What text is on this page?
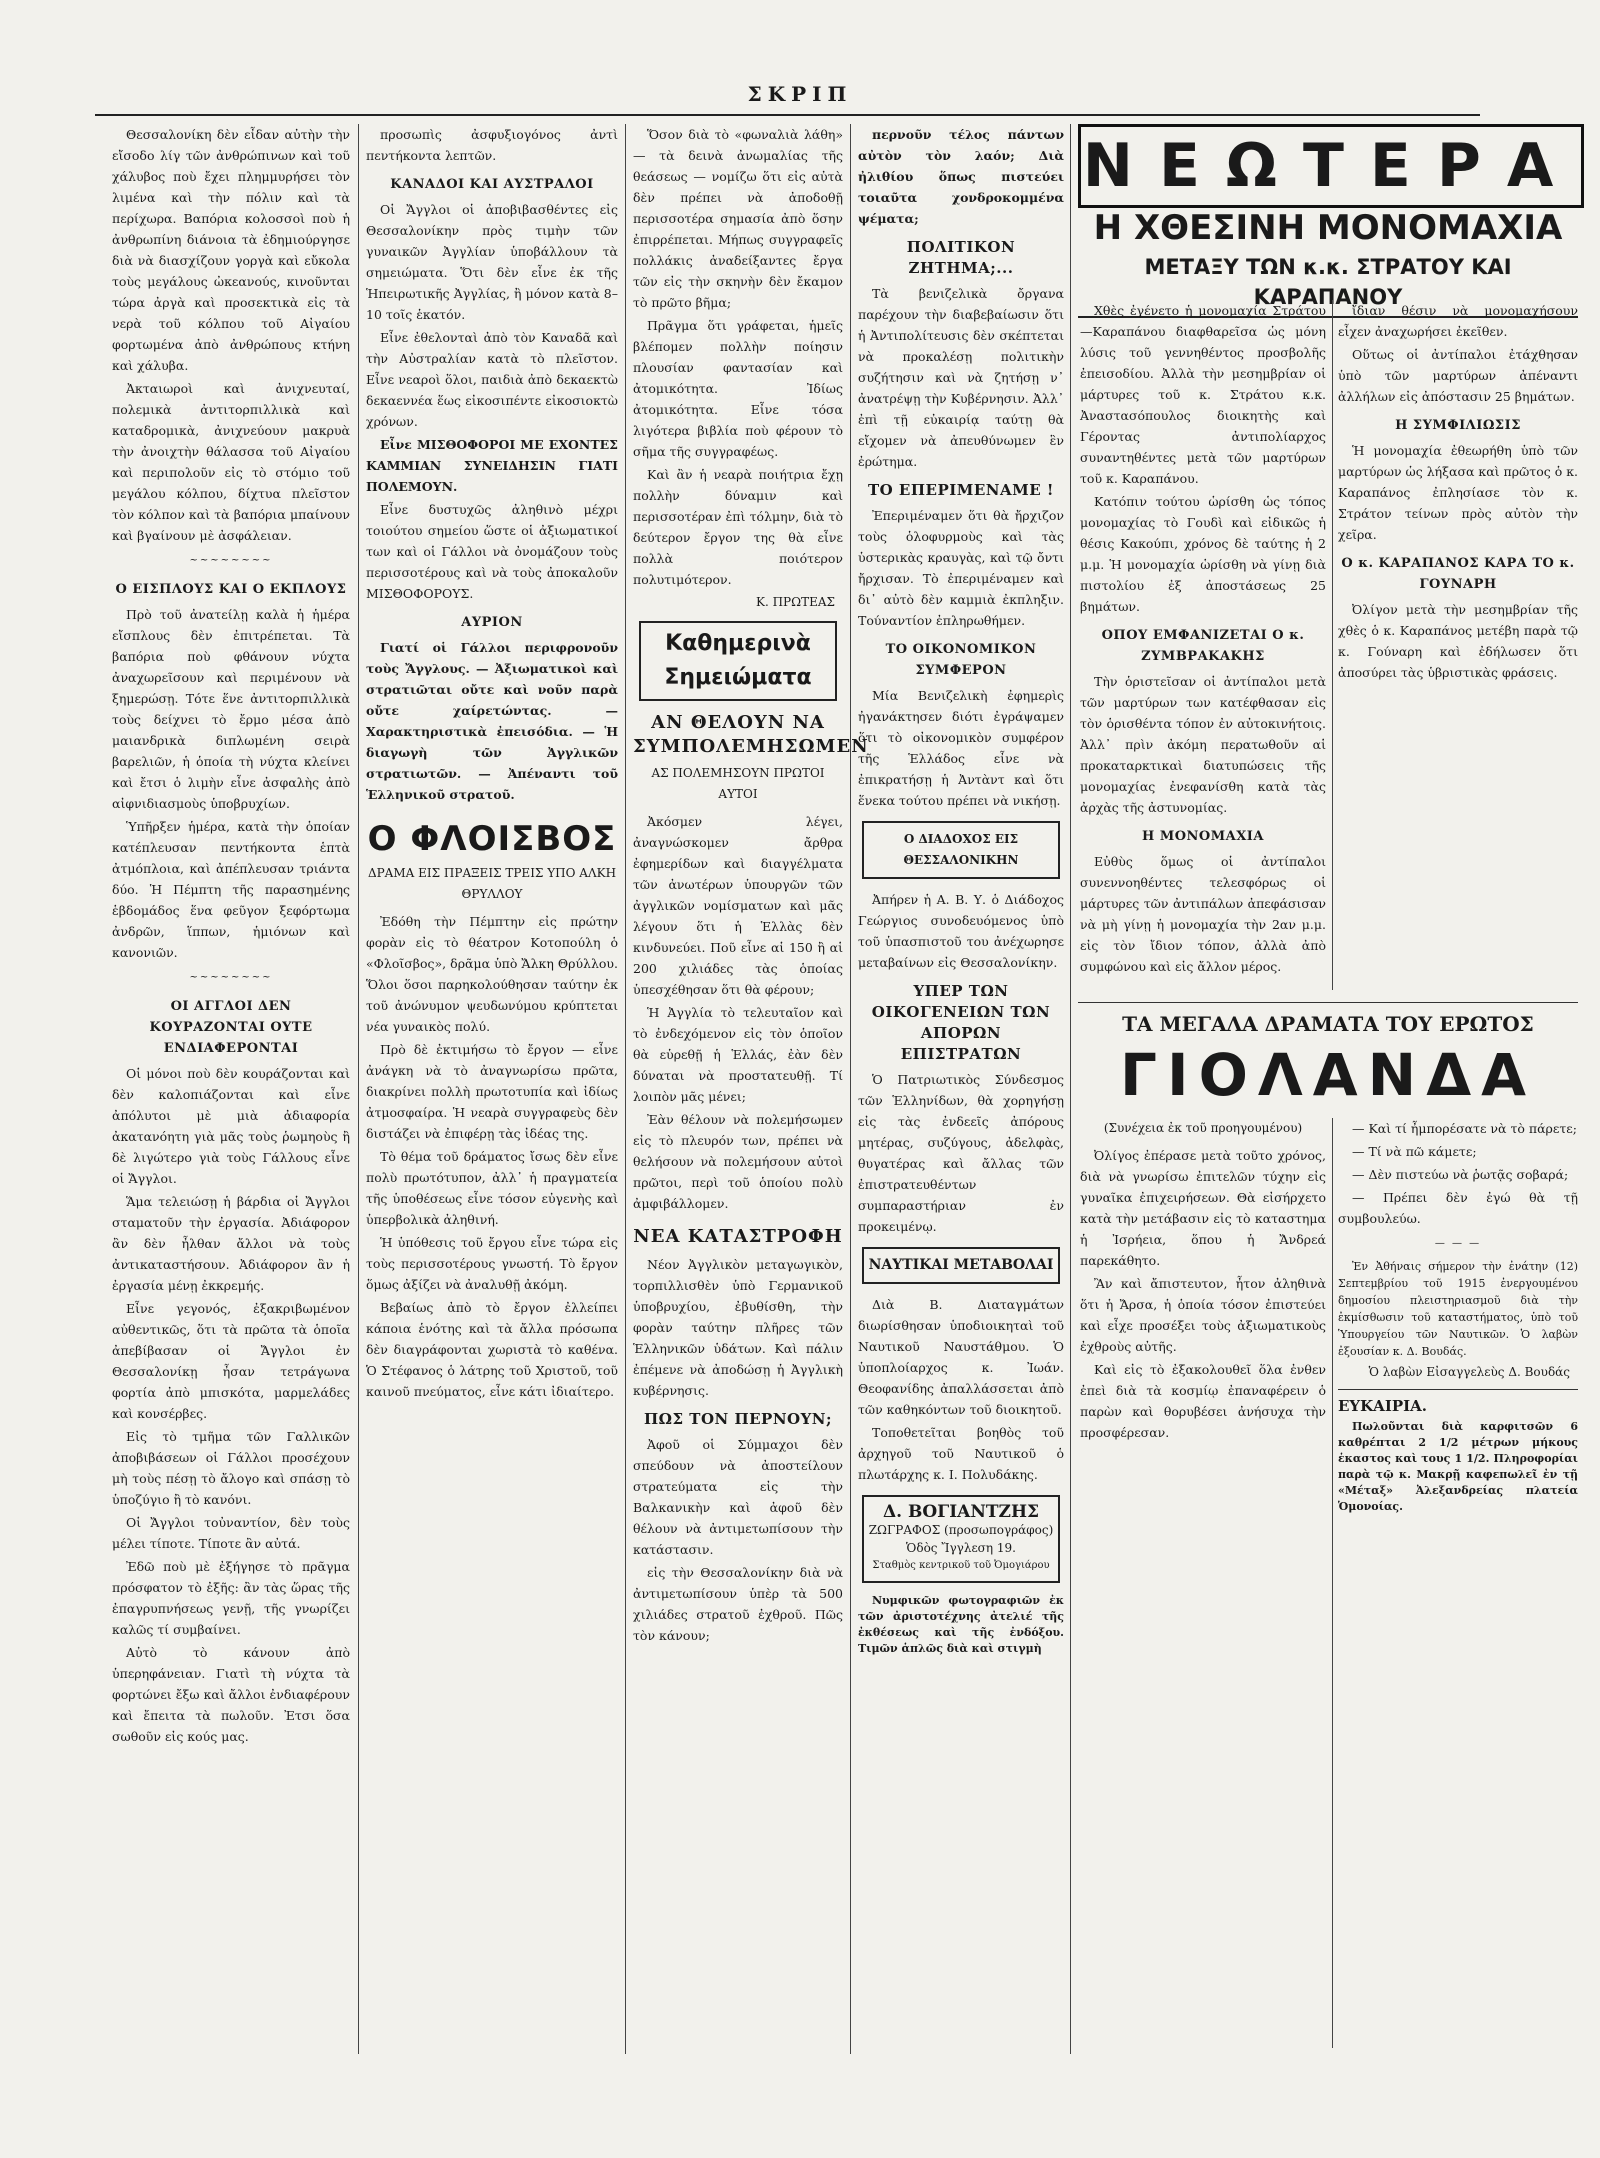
ΣΚΡΙΠ

Θεσσαλονίκη δὲν εἶδαν αὐτὴν τὴν εἴσοδο λίγ τῶν ἀνθρώπινων καὶ τοῦ χάλυβος ποὺ ἔχει πλημμυρήσει τὸν λιμένα καὶ τὴν πόλιν καὶ τὰ περίχωρα. Βαπόρια κολοσσοὶ ποὺ ἡ ἀνθρωπίνη διάνοια τὰ ἐδημιούργησε διὰ νὰ διασχίζουν γοργὰ καὶ εὔκολα τοὺς μεγάλους ὠκεανούς, κινοῦνται τώρα ἀργὰ καὶ προσεκτικὰ εἰς τὰ νερὰ τοῦ κόλπου τοῦ Αἰγαίου φορτωμένα ἀπὸ ἀνθρώπους κτήνη καὶ χάλυβα.

Ἀκταιωροὶ καὶ ἀνιχνευταί, πολεμικὰ ἀντιτορπιλλικὰ καὶ καταδρομικὰ, ἀνιχνεύουν μακρυὰ τὴν ἀνοιχτὴν θάλασσα τοῦ Αἰγαίου καὶ περιπολοῦν εἰς τὸ στόμιο τοῦ μεγάλου κόλπου, δίχτυα πλεῖστον τὸν κόλπον καὶ τὰ βαπόρια μπαίνουν καὶ βγαίνουν μὲ ἀσφάλειαν.

~~~~~~~~

Ο ΕΙΣΠΛΟΥΣ ΚΑΙ Ο ΕΚΠΛΟΥΣ

Πρὸ τοῦ ἀνατείλῃ καλὰ ἡ ἡμέρα εἴσπλους δὲν ἐπιτρέπεται. Τὰ βαπόρια ποὺ φθάνουν νύχτα ἀναχωρεῖσουν καὶ περιμένουν νὰ ξημερώσῃ. Τότε ἕνε ἀντιτορπιλλικὰ τοὺς δείχνει τὸ ἔρμο μέσα ἀπὸ μαιανδρικὰ διπλωμένη σειρὰ βαρελιῶν, ἡ ὁποία τὴ νύχτα κλείνει καὶ ἔτσι ὁ λιμὴν εἶνε ἀσφαλὴς ἀπὸ αἰφνιδιασμοὺς ὑποβρυχίων.

Ὑπῆρξεν ἡμέρα, κατὰ τὴν ὁποίαν κατέπλευσαν πεντήκοντα ἑπτὰ ἀτμόπλοια, καὶ ἀπέπλευσαν τριάντα δύο. Ἡ Πέμπτη τῆς παρασημένης ἑβδομάδος ἕνα φεῦγον ξεφόρτωμα ἀνδρῶν, ἵππων, ἡμιόνων καὶ κανονιῶν.

~~~~~~~~

ΟΙ ΑΓΓΛΟΙ ΔΕΝ ΚΟΥΡΑΖΟΝΤΑΙ ΟΥΤΕ ΕΝΔΙΑΦΕΡΟΝΤΑΙ

Οἱ μόνοι ποὺ δὲν κουράζονται καὶ δὲν καλοπιάζονται καὶ εἶνε ἀπόλυτοι μὲ μιὰ ἀδιαφορία ἀκατανόητη γιὰ μᾶς τοὺς ῥωμηοὺς ἢ δὲ λιγώτερο γιὰ τοὺς Γάλλους εἶνε οἱ Ἄγγλοι.

Ἅμα τελειώσῃ ἡ βάρδια οἱ Ἄγγλοι σταματοῦν τὴν ἐργασία. Ἀδιάφορον ἂν δὲν ἦλθαν ἄλλοι νὰ τοὺς ἀντικαταστήσουν. Ἀδιάφορον ἂν ἡ ἐργασία μένῃ ἐκκρεμής.

Εἶνε γεγονός, ἐξακριβωμένον αὐθεντικῶς, ὅτι τὰ πρῶτα τὰ ὁποῖα ἀπεβίβασαν οἱ Ἄγγλοι ἐν Θεσσαλονίκῃ ἦσαν τετράγωνα φορτία ἀπὸ μπισκότα, μαρμελάδες καὶ κονσέρβες.

Εἰς τὸ τμῆμα τῶν Γαλλικῶν ἀποβιβάσεων οἱ Γάλλοι προσέχουν μὴ τοὺς πέσῃ τὸ ἄλογο καὶ σπάσῃ τὸ ὑποζύγιο ἢ τὸ κανόνι.

Οἱ Ἄγγλοι τοὐναντίον, δὲν τοὺς μέλει τίποτε. Τίποτε ἂν αὐτά.

Ἐδῶ ποὺ μὲ ἐξήγησε τὸ πρᾶγμα πρόσφατον τὸ ἐξῆς: ἂν τὰς ὥρας τῆς ἐπαγρυπνήσεως γενῇ, τῆς γνωρίζει καλῶς τί συμβαίνει.

Αὐτὸ τὸ κάνουν ἀπὸ ὑπερηφάνειαν. Γιατὶ τὴ νύχτα τὰ φορτώνει ἔξω καὶ ἄλλοι ἐνδιαφέρουν καὶ ἔπειτα τὰ πωλοῦν. Ἐτσι ὅσα σωθοῦν εἰς κούς μας.

προσωπὶς ἀσφυξιογόνος ἀντὶ πεντήκοντα λεπτῶν.

ΚΑΝΑΔΟΙ ΚΑΙ ΑΥΣΤΡΑΛΟΙ

Οἱ Ἄγγλοι οἱ ἀποβιβασθέντες εἰς Θεσσαλονίκην πρὸς τιμὴν τῶν γυναικῶν Ἀγγλίαν ὑποβάλλουν τὰ σημειώματα. Ὅτι δὲν εἶνε ἐκ τῆς Ἡπειρωτικῆς Ἀγγλίας, ἢ μόνον κατὰ 8–10 τοῖς ἑκατόν.

Εἶνε ἐθελονταὶ ἀπὸ τὸν Καναδᾶ καὶ τὴν Αὐστραλίαν κατὰ τὸ πλεῖστον. Εἶνε νεαροὶ ὅλοι, παιδιὰ ἀπὸ δεκαεκτὼ δεκαεννέα ἕως εἰκοσιπέντε εἰκοσιοκτὼ χρόνων.

Εἶνε ΜΙΣΘΟΦΟΡΟΙ ΜΕ ΕΧΟΝΤΕΣ ΚΑΜΜΙΑΝ ΣΥΝΕΙΔΗΣΙΝ ΓΙΑΤΙ ΠΟΛΕΜΟΥΝ.

Εἶνε δυστυχῶς ἀληθινὸ μέχρι τοιούτου σημείου ὥστε οἱ ἀξιωματικοί των καὶ οἱ Γάλλοι νὰ ὀνομάζουν τοὺς περισσοτέρους καὶ νὰ τοὺς ἀποκαλοῦν ΜΙΣΘΟΦΟΡΟΥΣ.

ΑΥΡΙΟΝ

Γιατί οἱ Γάλλοι περιφρονοῦν τοὺς Ἄγγλους. — Ἀξιωματικοὶ καὶ στρατιῶται οὔτε καὶ νοῦν παρὰ οὔτε χαίρετώντας. — Χαρακτηριστικὰ ἐπεισόδια. — Ἡ διαγωγὴ τῶν Ἀγγλικῶν στρατιωτῶν. — Ἀπέναντι τοῦ Ἑλληνικοῦ στρατοῦ.

Ο ΦΛΟΙΣΒΟΣ

ΔΡΑΜΑ ΕΙΣ ΠΡΑΞΕΙΣ ΤΡΕΙΣ ΥΠΟ ΑΛΚΗ ΘΡΥΛΛΟΥ

Ἐδόθη τὴν Πέμπτην εἰς πρώτην φορὰν εἰς τὸ θέατρον Κοτοπούλη ὁ «Φλοῖσβος», δρᾶμα ὑπὸ Ἄλκη Θρύλλου. Ὅλοι ὅσοι παρηκολούθησαν ταύτην ἐκ τοῦ ἀνώνυμον ψευδωνύμου κρύπτεται νέα γυναικὸς πολύ.

Πρὸ δὲ ἐκτιμήσω τὸ ἔργον — εἶνε ἀνάγκη νὰ τὸ ἀναγνωρίσω πρῶτα, διακρίνει πολλὴ πρωτοτυπία καὶ ἰδίως ἀτμοσφαίρα. Ἡ νεαρὰ συγγραφεὺς δὲν διστάζει νὰ ἐπιφέρῃ τὰς ἰδέας της.

Τὸ θέμα τοῦ δράματος ἴσως δὲν εἶνε πολὺ πρωτότυπον, ἀλλ᾽ ἡ πραγματεία τῆς ὑποθέσεως εἶνε τόσον εὐγενὴς καὶ ὑπερβολικὰ ἀληθινή.

Ἡ ὑπόθεσις τοῦ ἔργου εἶνε τώρα εἰς τοὺς περισσοτέρους γνωστή. Τὸ ἔργον ὅμως ἀξίζει νὰ ἀναλυθῇ ἀκόμη.

Βεβαίως ἀπὸ τὸ ἔργον ἐλλείπει κάποια ἑνότης καὶ τὰ ἄλλα πρόσωπα δὲν διαγράφονται χωριστὰ τὸ καθένα. Ὁ Στέφανος ὁ λάτρης τοῦ Χριστοῦ, τοῦ καινοῦ πνεύματος, εἶνε κάτι ἰδιαίτερο.

Ὅσον διὰ τὸ «φωναλιὰ λάθη» — τὰ δεινὰ ἀνωμαλίας τῆς θεάσεως — νομίζω ὅτι εἰς αὐτὰ δὲν πρέπει νὰ ἀποδοθῇ περισσοτέρα σημασία ἀπὸ ὅσην ἐπιρρέπεται. Μήπως συγγραφεῖς πολλάκις ἀναδείξαντες ἔργα τῶν εἰς τὴν σκηνὴν δὲν ἔκαμον τὸ πρῶτο βῆμα;

Πρᾶγμα ὅτι γράφεται, ἡμεῖς βλέπομεν πολλὴν ποίησιν πλουσίαν φαντασίαν καὶ ἀτομικότητα. Ἰδίως ἀτομικότητα. Εἶνε τόσα λιγότερα βιβλία ποὺ φέρουν τὸ σῆμα τῆς συγγραφέως.

Καὶ ἂν ἡ νεαρὰ ποιήτρια ἔχῃ πολλὴν δύναμιν καὶ περισσοτέραν ἐπὶ τόλμην, διὰ τὸ δεύτερον ἔργον της θὰ εἶνε πολλὰ ποιότερον πολυτιμότερον.

Κ. ΠΡΩΤΕΑΣ

Καθημερινὰ Σημειώματα

ΑΝ ΘΕΛΟΥΝ ΝΑ ΣΥΜΠΟΛΕΜΗΣΩΜΕΝ

ΑΣ ΠΟΛΕΜΗΣΟΥΝ ΠΡΩΤΟΙ ΑΥΤΟΙ

Ἀκόσμεν λέγει, ἀναγνώσκομεν ἄρθρα ἐφημερίδων καὶ διαγγέλματα τῶν ἀνωτέρων ὑπουργῶν τῶν ἀγγλικῶν νομίσματων καὶ μᾶς λέγουν ὅτι ἡ Ἑλλὰς δὲν κινδυνεύει. Ποῦ εἶνε αἱ 150 ἢ αἱ 200 χιλιάδες τὰς ὁποίας ὑπεσχέθησαν ὅτι θὰ φέρουν;

Ἡ Ἀγγλία τὸ τελευταῖον καὶ τὸ ἐνδεχόμενον εἰς τὸν ὁποῖον θὰ εὑρεθῇ ἡ Ἑλλάς, ἐὰν δὲν δύναται νὰ προστατευθῇ. Τί λοιπὸν μᾶς μένει;

Ἐὰν θέλουν νὰ πολεμήσωμεν εἰς τὸ πλευρόν των, πρέπει νὰ θελήσουν νὰ πολεμήσουν αὐτοὶ πρῶτοι, περὶ τοῦ ὁποίου πολὺ ἀμφιβάλλομεν.

ΝΕΑ ΚΑΤΑΣΤΡΟΦΗ

Νέον Ἀγγλικὸν μεταγωγικὸν, τορπιλλισθὲν ὑπὸ Γερμανικοῦ ὑποβρυχίου, ἐβυθίσθη, τὴν φορὰν ταύτην πλῆρες τῶν Ἑλληνικῶν ὑδάτων. Καὶ πάλιν ἐπέμενε νὰ ἀποδώσῃ ἡ Ἀγγλικὴ κυβέρνησις.

ΠΩΣ ΤΟΝ ΠΕΡΝΟΥΝ;

Ἀφοῦ οἱ Σύμμαχοι δὲν σπεύδουν νὰ ἀποστείλουν στρατεύματα εἰς τὴν Βαλκανικὴν καὶ ἀφοῦ δὲν θέλουν νὰ ἀντιμετωπίσουν τὴν κατάστασιν.

εἰς τὴν Θεσσαλονίκην διὰ νὰ ἀντιμετωπίσουν ὑπὲρ τὰ 500 χιλιάδες στρατοῦ ἐχθροῦ. Πῶς τὸν κάνουν;

περνοῦν τέλος πάντων αὐτὸν τὸν λαόν; Διὰ ἠλιθίου ὅπως πιστεύει τοιαῦτα χονδροκομμένα ψέματα;

ΠΟΛΙΤΙΚΟΝ ΖΗΤΗΜΑ;...

Τὰ βενιζελικὰ ὄργανα παρέχουν τὴν διαβεβαίωσιν ὅτι ἡ Ἀντιπολίτευσις δὲν σκέπτεται νὰ προκαλέσῃ πολιτικὴν συζήτησιν καὶ νὰ ζητήσῃ ν᾽ ἀνατρέψῃ τὴν Κυβέρνησιν. Ἀλλ᾽ ἐπὶ τῇ εὐκαιρίᾳ ταύτῃ θὰ εἴχομεν νὰ ἀπευθύνωμεν ἓν ἐρώτημα.

ΤΟ ΕΠΕΡΙΜΕΝΑΜΕ !

Ἐπεριμέναμεν ὅτι θὰ ἤρχιζον τοὺς ὁλοφυρμοὺς καὶ τὰς ὑστερικὰς κραυγὰς, καὶ τῷ ὄντι ἤρχισαν. Τὸ ἐπεριμέναμεν καὶ δι᾽ αὐτὸ δὲν καμμιὰ ἐκπληξιν. Τούναντίον ἐπληρωθήμεν.

ΤΟ ΟΙΚΟΝΟΜΙΚΟΝ ΣΥΜΦΕΡΟΝ

Μία Βενιζελικὴ ἐφημερὶς ἠγανάκτησεν διότι ἐγράψαμεν ὅτι τὸ οἰκονομικὸν συμφέρον τῆς Ἑλλάδος εἶνε νὰ ἐπικρατήσῃ ἡ Ἀντὰντ καὶ ὅτι ἕνεκα τούτου πρέπει νὰ νικήσῃ.

Ο ΔΙΑΔΟΧΟΣ ΕΙΣ ΘΕΣΣΑΛΟΝΙΚΗΝ

Ἀπήρεν ἡ Α. Β. Υ. ὁ Διάδοχος Γεώργιος συνοδευόμενος ὑπὸ τοῦ ὑπασπιστοῦ του ἀνέχωρησε μεταβαίνων εἰς Θεσσαλονίκην.

ΥΠΕΡ ΤΩΝ ΟΙΚΟΓΕΝΕΙΩΝ ΤΩΝ ΑΠΟΡΩΝ ΕΠΙΣΤΡΑΤΩΝ

Ὁ Πατριωτικὸς Σύνδεσμος τῶν Ἑλληνίδων, θὰ χορηγήσῃ εἰς τὰς ἐνδεεῖς ἀπόρους μητέρας, συζύγους, ἀδελφὰς, θυγατέρας καὶ ἄλλας τῶν ἐπιστρατευθέντων συμπαραστήριαν ἐν προκειμένῳ.

ΝΑΥΤΙΚΑΙ ΜΕΤΑΒΟΛΑΙ

Διὰ Β. Διαταγμάτων διωρίσθησαν ὑποδιοικηταὶ τοῦ Ναυτικοῦ Ναυστάθμου. Ὁ ὑποπλοίαρχος κ. Ἰωάν. Θεοφανίδης ἀπαλλάσσεται ἀπὸ τῶν καθηκόντων τοῦ διοικητοῦ.

Τοποθετεῖται βοηθὸς τοῦ ἀρχηγοῦ τοῦ Ναυτικοῦ ὁ πλωτάρχης κ. Ι. Πολυδάκης.

Δ. ΒΟΓΙΑΝΤΖΗΣ
ΖΩΓΡΑΦΟΣ (προσωπογράφος)
Ὁδὸς Ἴγγλεση 19.
Σταθμὸς κεντρικοῦ τοῦ Ὀμογιάρου

Νυμφικῶν φωτογραφιῶν ἐκ τῶν ἀριστοτέχνης ἀτελιέ τῆς ἐκθέσεως καὶ τῆς ἐνδόξου. Τιμῶν ἁπλῶς διὰ καὶ στιγμὴ

ΝΕΩΤΕΡΑ
Η ΧΘΕΣΙΝΗ ΜΟΝΟΜΑΧΙΑ
ΜΕΤΑΞΥ ΤΩΝ κ.κ. ΣΤΡΑΤΟΥ ΚΑΙ ΚΑΡΑΠΑΝΟΥ

Χθὲς ἐγένετο ἡ μονομαχία Στράτου—Καραπάνου διαφθαρεῖσα ὡς μόνη λύσις τοῦ γεννηθέντος προσβολῆς ἐπεισοδίου. Ἀλλὰ τὴν μεσημβρίαν οἱ μάρτυρες τοῦ κ. Στράτου κ.κ. Ἀναστασόπουλος διοικητὴς καὶ Γέροντας ἀντιπολίαρχος συναντηθέντες μετὰ τῶν μαρτύρων τοῦ κ. Καραπάνου.

Κατόπιν τούτου ὡρίσθη ὡς τόπος μονομαχίας τὸ Γουδὶ καὶ εἰδικῶς ἡ θέσις Κακούπι, χρόνος δὲ ταύτης ἡ 2 μ.μ. Ἡ μονομαχία ὡρίσθη νὰ γίνῃ διὰ πιστολίου ἐξ ἀποστάσεως 25 βημάτων.

ΟΠΟΥ ΕΜΦΑΝΙΖΕΤΑΙ Ο κ. ΖΥΜΒΡΑΚΑΚΗΣ

Τὴν ὁριστεῖσαν οἱ ἀντίπαλοι μετὰ τῶν μαρτύρων των κατέφθασαν εἰς τὸν ὁρισθέντα τόπον ἐν αὐτοκινήτοις. Ἀλλ᾽ πρὶν ἀκόμη περατωθοῦν αἱ προκαταρκτικαὶ διατυπώσεις τῆς μονομαχίας ἐνεφανίσθη κατὰ τὰς ἀρχὰς τῆς ἀστυνομίας.

Η ΜΟΝΟΜΑΧΙΑ

Εὐθὺς ὅμως οἱ ἀντίπαλοι συνεννοηθέντες τελεσφόρως οἱ μάρτυρες τῶν ἀντιπάλων ἀπεφάσισαν νὰ μὴ γίνῃ ἡ μονομαχία τὴν 2αν μ.μ. εἰς τὸν ἴδιον τόπον, ἀλλὰ ἀπὸ συμφώνου καὶ εἰς ἄλλον μέρος.

ἴδιαν θέσιν νὰ μονομαχήσουν εἶχεν ἀναχωρήσει ἐκεῖθεν.

Οὕτως οἱ ἀντίπαλοι ἐτάχθησαν ὑπὸ τῶν μαρτύρων ἀπέναντι ἀλλήλων εἰς ἀπόστασιν 25 βημάτων.

Η ΣΥΜΦΙΛΙΩΣΙΣ

Ἡ μονομαχία ἐθεωρήθη ὑπὸ τῶν μαρτύρων ὡς λήξασα καὶ πρῶτος ὁ κ. Καραπάνος ἐπλησίασε τὸν κ. Στράτον τείνων πρὸς αὐτὸν τὴν χεῖρα.

Ο κ. ΚΑΡΑΠΑΝΟΣ ΚΑΡΑ ΤΟ κ. ΓΟΥΝΑΡΗ

Ὀλίγον μετὰ τὴν μεσημβρίαν τῆς χθὲς ὁ κ. Καραπάνος μετέβη παρὰ τῷ κ. Γούναρη καὶ ἐδήλωσεν ὅτι ἀποσύρει τὰς ὑβριστικὰς φράσεις.

ΤΑ ΜΕΓΑΛΑ ΔΡΑΜΑΤΑ ΤΟΥ ΕΡΩΤΟΣ
ΓΙΟΛΑΝΔΑ

(Συνέχεια ἐκ τοῦ προηγουμένου)

Ὀλίγος ἐπέρασε μετὰ τοῦτο χρόνος, διὰ νὰ γνωρίσω ἐπιτελῶν τύχην εἰς γυναῖκα ἐπιχειρήσεων. Θὰ εἰσήρχετο κατὰ τὴν μετάβασιν εἰς τὸ καταστημα ἡ Ἰσρήεια, ὅπου ἡ Ἄνδρεά παρεκάθητο.

Ἂν καὶ ἄπιστευτον, ἦτον ἀληθινὰ ὅτι ἡ Ἄρσα, ἡ ὁποία τόσον ἐπιστεύει καὶ εἶχε προσέξει τοὺς ἀξιωματικοὺς ἐχθροὺς αὐτῆς.

Καὶ εἰς τὸ ἐξακολουθεῖ ὅλα ἐνθεν ἐπεὶ διὰ τὰ κοσμίῳ ἐπαναφέρειν ὁ παρὼν καὶ θορυβέσει ἀνήσυχα τὴν προσφέρεσαν.

— Καὶ τί ἦμπορέσατε νὰ τὸ πάρετε;

— Τί νὰ πῶ κάμετε;

— Δὲν πιστεύω νὰ ῥωτᾷς σοβαρά;

— Πρέπει δὲν ἐγώ θὰ τῇ συμβουλεύω.

— — —

Ἐν Ἀθήναις σήμερον τὴν ἐνάτην (12) Σεπτεμβρίου τοῦ 1915 ἐνεργουμένου δημοσίου πλειστηριασμοῦ διὰ τὴν ἐκμίσθωσιν τοῦ καταστήματος, ὑπὸ τοῦ Ὑπουργείου τῶν Ναυτικῶν. Ὁ λαβὼν ἐξουσίαν κ. Δ. Βουδάς.

Ὁ λαβὼν Εἰσαγγελεὺς Δ. Βουδάς

ΕΥΚΑΙΡΙΑ.

Πωλοῦνται διὰ καρφιτσῶν 6 καθρέπται 2 1/2 μέτρων μήκους ἑκαστος καὶ τους 1 1/2. Πληροφορίαι παρὰ τῷ κ. Μακρῇ καφεπωλεῖ ἐν τῇ «Μέταξ» Ἀλεξανδρείας πλατεία Ὁμονοίας.
